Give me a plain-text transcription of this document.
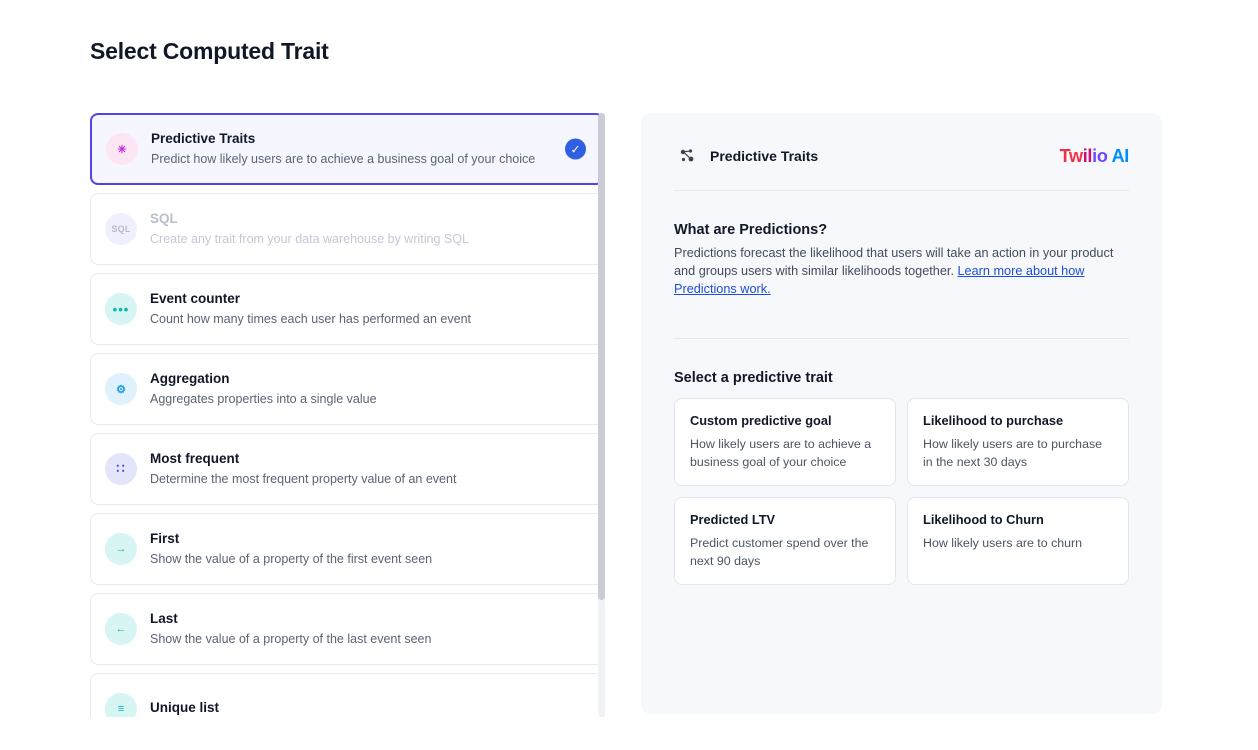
Select Computed Trait
✳
Predictive Traits
Predict how likely users are to achieve a business goal of your choice
✓
SQL
SQL
Create any trait from your data warehouse by writing SQL
•••
Event counter
Count how many times each user has performed an event
⚙
Aggregation
Aggregates properties into a single value
∷
Most frequent
Determine the most frequent property value of an event
→
First
Show the value of a property of the first event seen
←
Last
Show the value of a property of the last event seen
≡ Unique list
Predictive Traits	Twilio AI
What are Predictions?
Predictions forecast the likelihood that users will take an action in your product and groups users with similar likelihoods together. Learn more about how Predictions work.
Select a predictive trait
Custom predictive goal
How likely users are to achieve a business goal of your choice
Likelihood to purchase
How likely users are to purchase in the next 30 days
Predicted LTV
Predict customer spend over the next 90 days
Likelihood to Churn
How likely users are to churn
